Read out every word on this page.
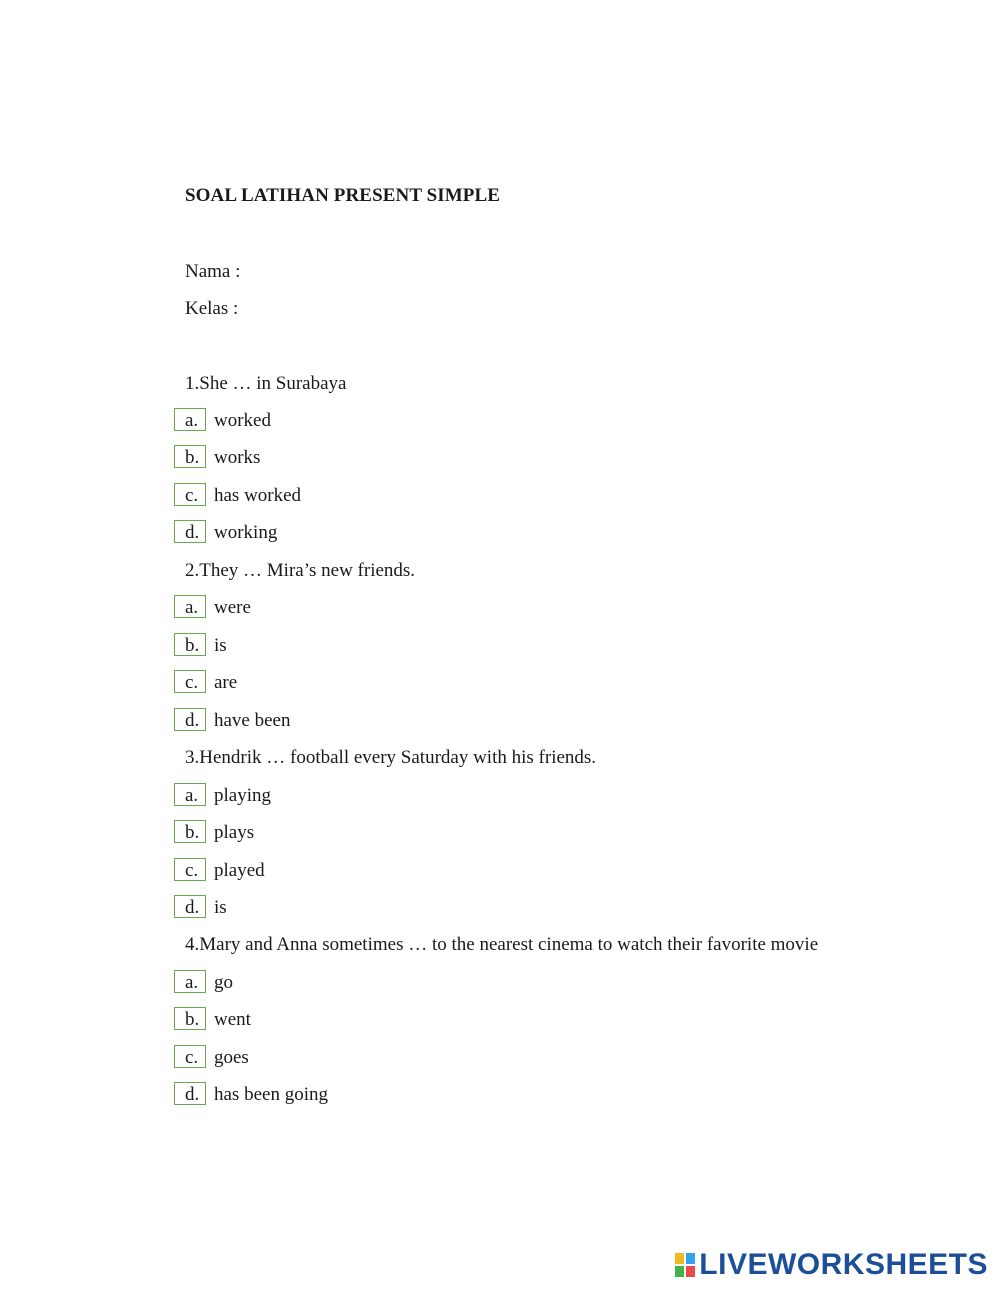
SOAL LATIHAN PRESENT SIMPLE
Nama :
Kelas :
1.She … in Surabaya
a. worked
b. works
c. has worked
d. working
2.They … Mira’s new friends.
a. were
b. is
c. are
d. have been
3.Hendrik … football every Saturday with his friends.
a. playing
b. plays
c. played
d. is
4.Mary and Anna sometimes … to the nearest cinema to watch their favorite movie
a. go
b. went
c. goes
d. has been going
LIVEWORKSHEETS
